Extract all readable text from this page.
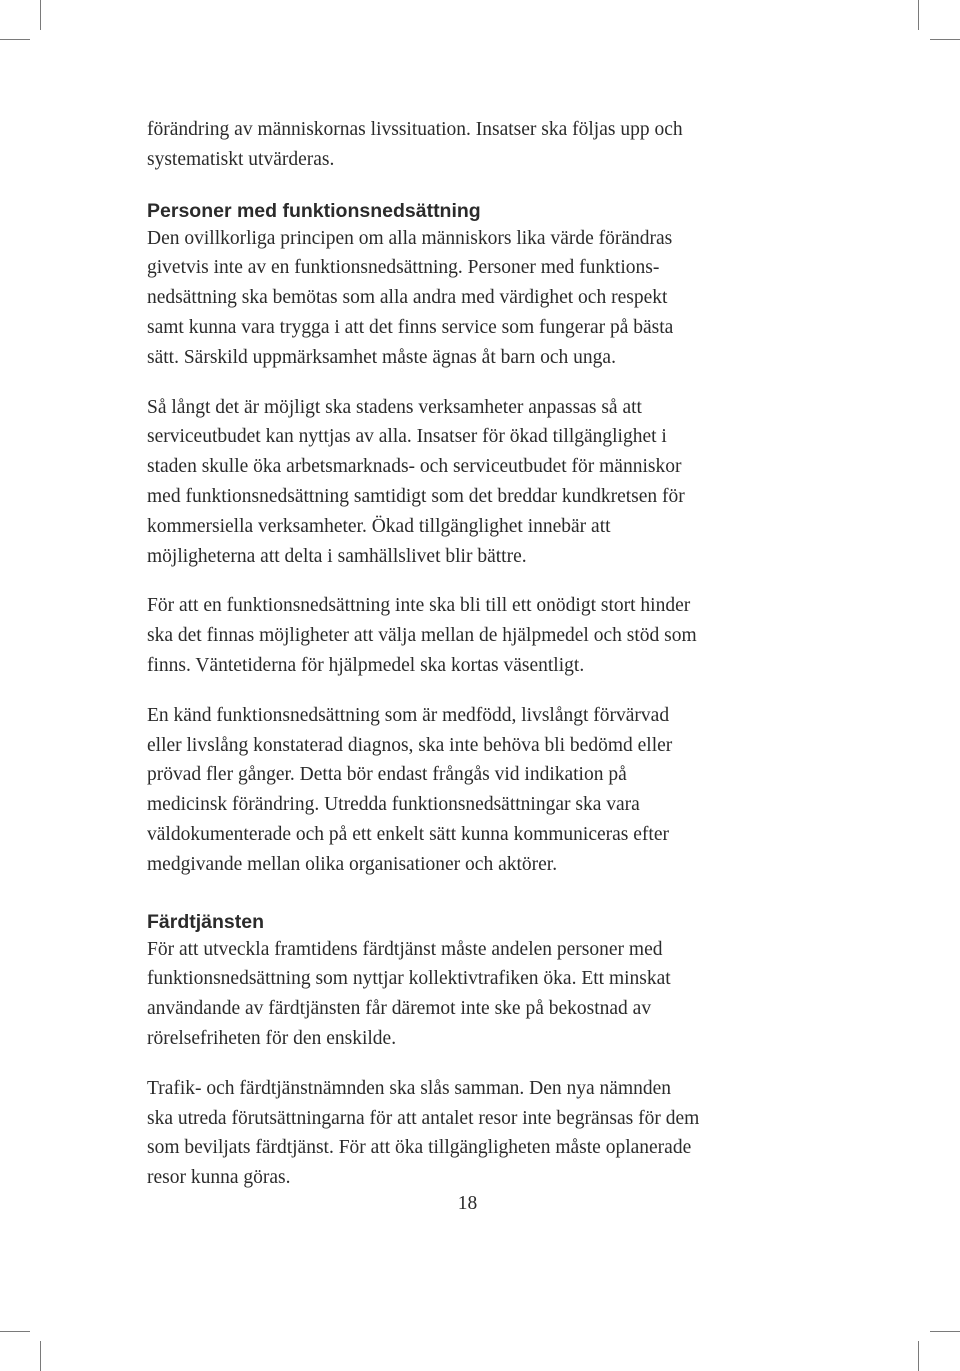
förändring av människornas livssituation. Insatser ska följas upp och
systematiskt utvärderas.

Personer med funktionsnedsättning

Den ovillkorliga principen om alla människors lika värde förändras
givetvis inte av en funktionsnedsättning. Personer med funktions-
nedsättning ska bemötas som alla andra med värdighet och respekt
samt kunna vara trygga i att det finns service som fungerar på bästa
sätt. Särskild uppmärksamhet måste ägnas åt barn och unga.

Så långt det är möjligt ska stadens verksamheter anpassas så att
serviceutbudet kan nyttjas av alla. Insatser för ökad tillgänglighet i
staden skulle öka arbetsmarknads- och serviceutbudet för människor
med funktionsnedsättning samtidigt som det breddar kundkretsen för
kommersiella verksamheter. Ökad tillgänglighet innebär att
möjligheterna att delta i samhällslivet blir bättre.

För att en funktionsnedsättning inte ska bli till ett onödigt stort hinder
ska det finnas möjligheter att välja mellan de hjälpmedel och stöd som
finns. Väntetiderna för hjälpmedel ska kortas väsentligt.

En känd funktionsnedsättning som är medfödd, livslångt förvärvad
eller livslång konstaterad diagnos, ska inte behöva bli bedömd eller
prövad fler gånger. Detta bör endast frångås vid indikation på
medicinsk förändring. Utredda funktionsnedsättningar ska vara
väldokumenterade och på ett enkelt sätt kunna kommuniceras efter
medgivande mellan olika organisationer och aktörer.

Färdtjänsten

För att utveckla framtidens färdtjänst måste andelen personer med
funktionsnedsättning som nyttjar kollektivtrafiken öka. Ett minskat
användande av färdtjänsten får däremot inte ske på bekostnad av
rörelsefriheten för den enskilde.

Trafik- och färdtjänstnämnden ska slås samman. Den nya nämnden
ska utreda förutsättningarna för att antalet resor inte begränsas för dem
som beviljats färdtjänst. För att öka tillgängligheten måste oplanerade
resor kunna göras.

18
